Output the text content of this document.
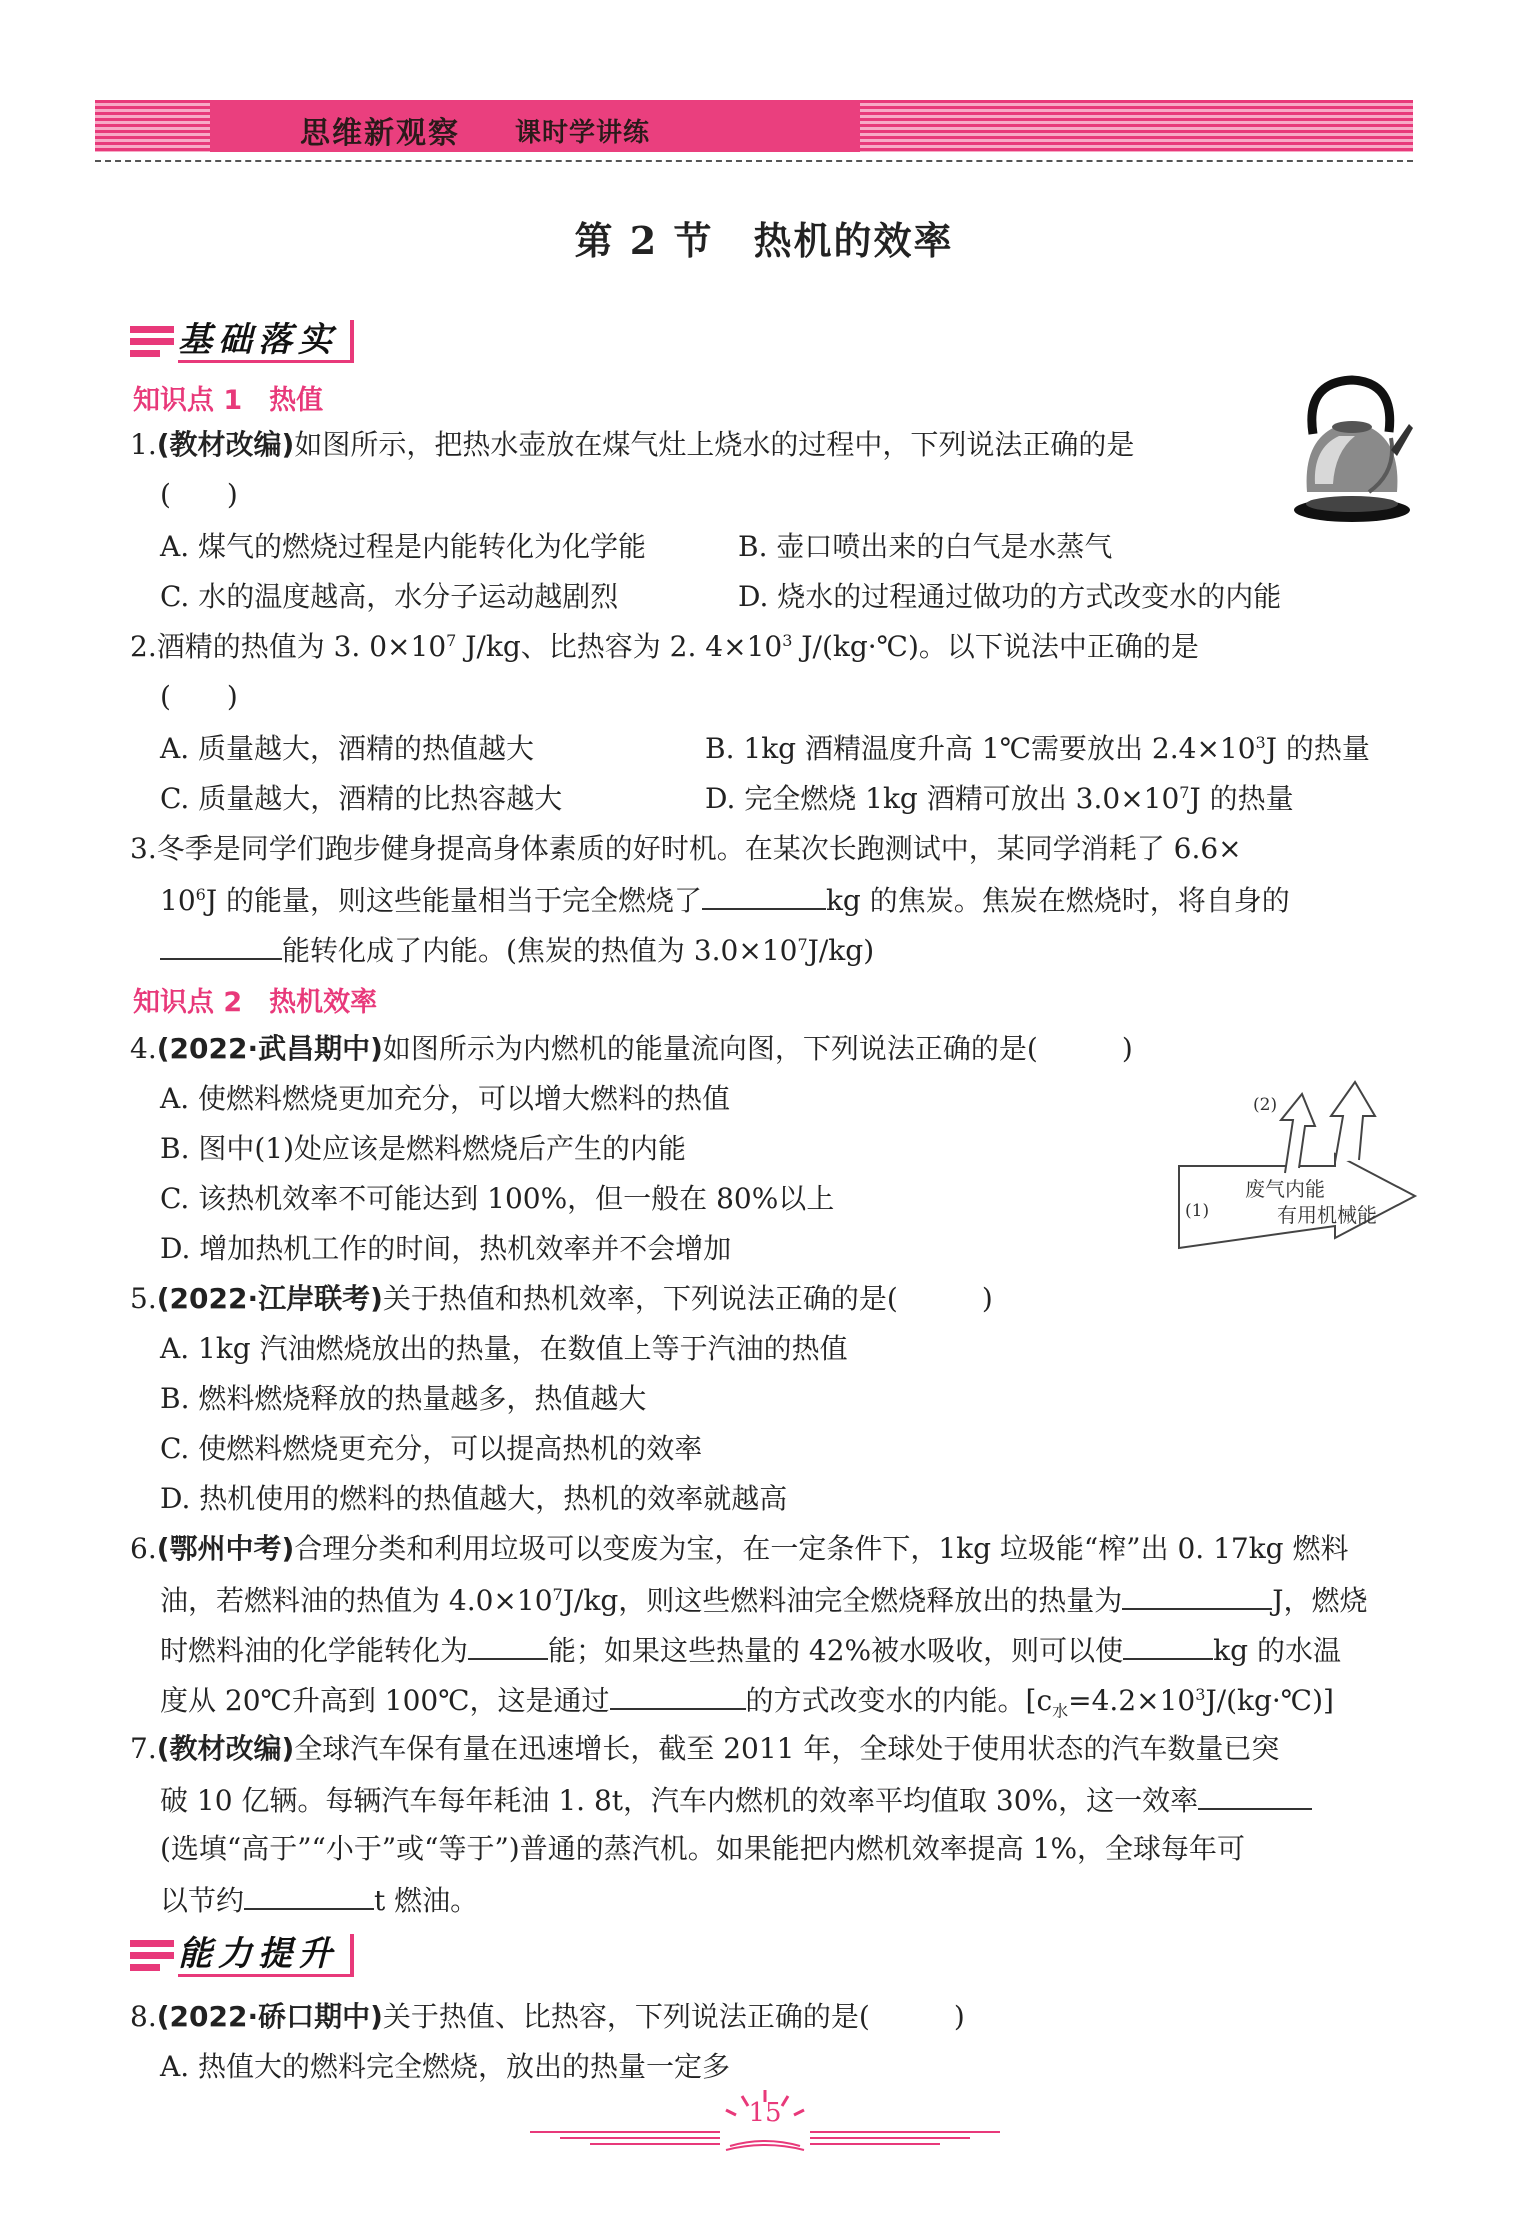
思维新观察 课时学讲练
第 2 节　热机的效率
基础落实
知识点 1　热值
1.(教材改编)如图所示，把热水壶放在煤气灶上烧水的过程中，下列说法正确的是
(　　)
A. 煤气的燃烧过程是内能转化为化学能	B. 壶口喷出来的白气是水蒸气
C. 水的温度越高，水分子运动越剧烈	D. 烧水的过程通过做功的方式改变水的内能
2.酒精的热值为 3. $0\times 10^7$ J/kg、比热容为 2. $4\times 10^3$ J/(kg·℃)。以下说法中正确的是
(　　)
A. 质量越大，酒精的热值越大	B. 1kg 酒精温度升高 1℃需要放出 $2.4\times 10^3J$ 的热量
C. 质量越大，酒精的比热容越大	D. 完全燃烧 1kg 酒精可放出 $3.0\times 10^7J$ 的热量
3.冬季是同学们跑步健身提高身体素质的好时机。在某次长跑测试中，某同学消耗了 6.6×
$10^6J$ 的能量，则这些能量相当于完全燃烧了	kg 的焦炭。焦炭在燃烧时，将自身的
能转化成了内能。(焦炭的热值为 $3.0\times 10^7J/kg$)
知识点 2　热机效率
4.(2022·武昌期中)如图所示为内燃机的能量流向图，下列说法正确的是(　　　)
A. 使燃料燃烧更加充分，可以增大燃料的热值
B. 图中(1)处应该是燃料燃烧后产生的内能
C. 该热机效率不可能达到 100%，但一般在 80%以上
D. 增加热机工作的时间，热机效率并不会增加
(1)
(2)
废气内能
有用机械能
5.(2022·江岸联考)关于热值和热机效率，下列说法正确的是(　　　)
A. 1kg 汽油燃烧放出的热量，在数值上等于汽油的热值
B. 燃料燃烧释放的热量越多，热值越大
C. 使燃料燃烧更充分，可以提高热机的效率
D. 热机使用的燃料的热值越大，热机的效率就越高
6.(鄂州中考)合理分类和利用垃圾可以变废为宝，在一定条件下，1kg 垃圾能“榨”出 0. 17kg 燃料
油，若燃料油的热值为 $4.0\times 10^7J/kg$，则这些燃料油完全燃烧释放出的热量为	J，燃烧
时燃料油的化学能转化为	能；如果这些热量的 42%被水吸收，则可以使	kg 的水温
度从 20℃升高到 100℃，这是通过	的方式改变水的内能。$[c_水=4.2\times 10^3J/(kg\cdot℃)]$
7.(教材改编)全球汽车保有量在迅速增长，截至 2011 年，全球处于使用状态的汽车数量已突
破 10 亿辆。每辆汽车每年耗油 1. 8t，汽车内燃机的效率平均值取 30%，这一效率
(选填“高于”“小于”或“等于”)普通的蒸汽机。如果能把内燃机效率提高 1%，全球每年可
以节约	t 燃油。
能力提升
8.(2022·硚口期中)关于热值、比热容，下列说法正确的是(　　　)
A. 热值大的燃料完全燃烧，放出的热量一定多
15
